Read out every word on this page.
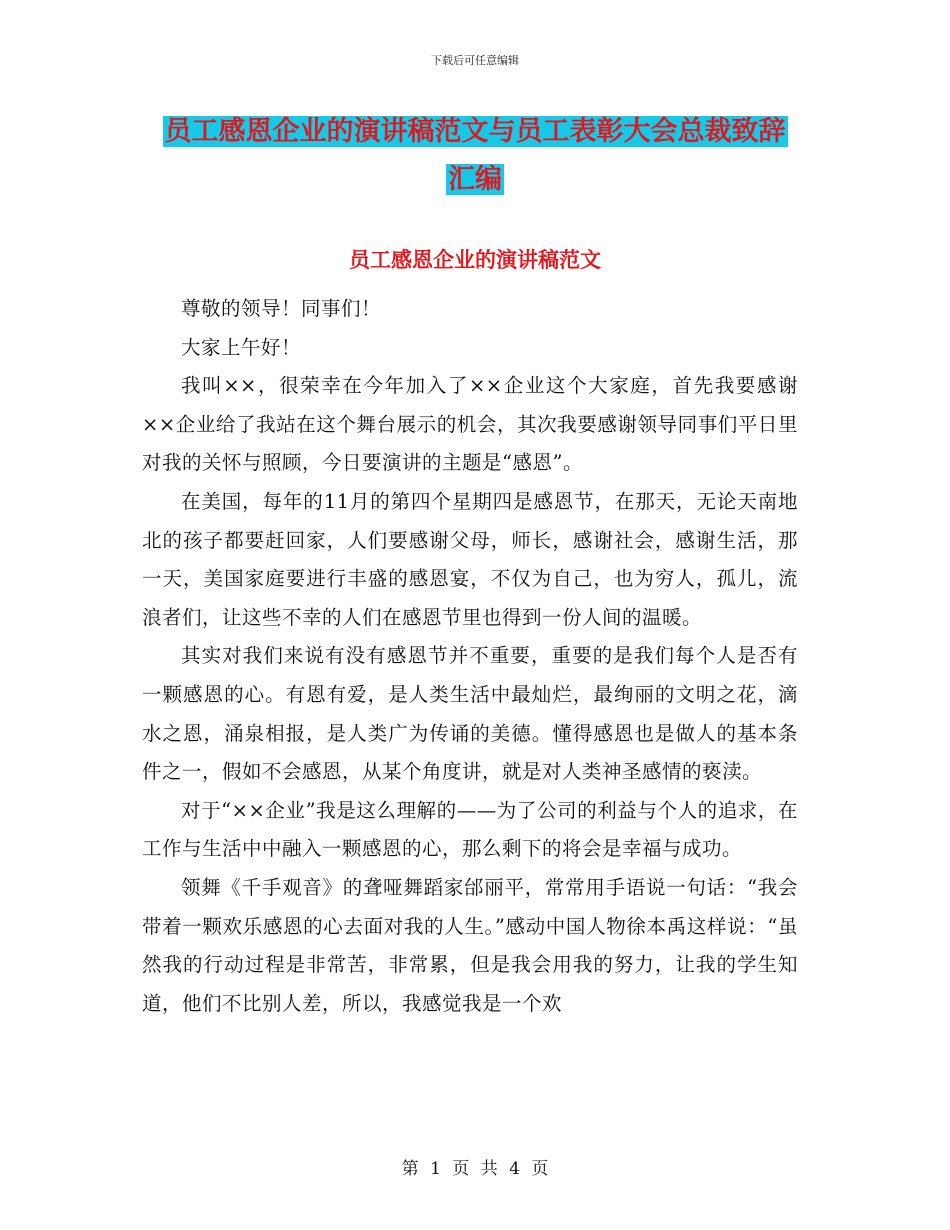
下载后可任意编辑
员工感恩企业的演讲稿范文与员工表彰大会总裁致辞
汇编
员工感恩企业的演讲稿范文

尊敬的领导！同事们！

大家上午好！

我叫××，很荣幸在今年加入了××企业这个大家庭，首先我要感谢××企业给了我站在这个舞台展示的机会，其次我要感谢领导同事们平日里对我的关怀与照顾，今日要演讲的主题是“感恩”。

在美国，每年的11月的第四个星期四是感恩节，在那天，无论天南地北的孩子都要赶回家，人们要感谢父母，师长，感谢社会，感谢生活，那一天，美国家庭要进行丰盛的感恩宴，不仅为自己，也为穷人，孤儿，流浪者们，让这些不幸的人们在感恩节里也得到一份人间的温暖。

其实对我们来说有没有感恩节并不重要，重要的是我们每个人是否有一颗感恩的心。有恩有爱，是人类生活中最灿烂，最绚丽的文明之花，滴水之恩，涌泉相报，是人类广为传诵的美德。懂得感恩也是做人的基本条件之一，假如不会感恩，从某个角度讲，就是对人类神圣感情的亵渎。

对于“××企业”我是这么理解的——为了公司的利益与个人的追求，在工作与生活中中融入一颗感恩的心，那么剩下的将会是幸福与成功。

领舞《千手观音》的聋哑舞蹈家邰丽平，常常用手语说一句话：“我会带着一颗欢乐感恩的心去面对我的人生。”感动中国人物徐本禹这样说：“虽然我的行动过程是非常苦，非常累，但是我会用我的努力，让我的学生知道，他们不比别人差，所以，我感觉我是一个欢

第 1 页 共 4 页
